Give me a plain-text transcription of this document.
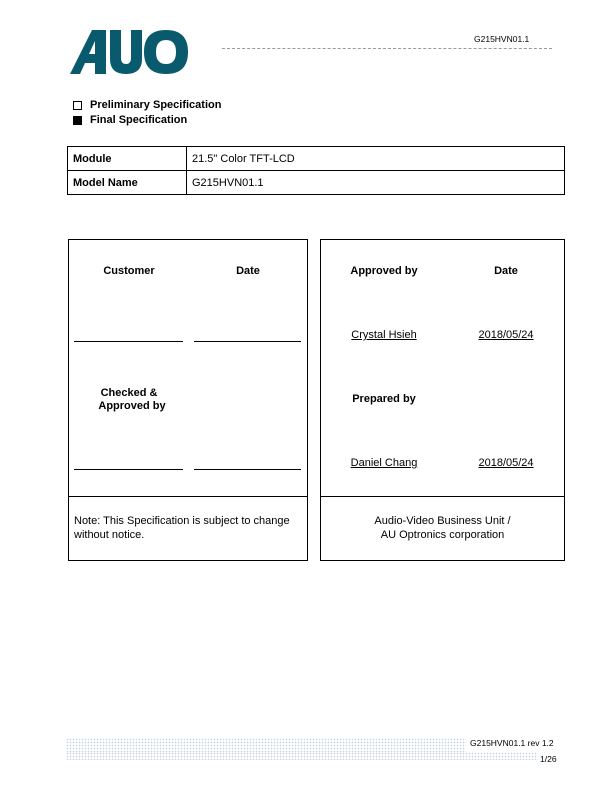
G215HVN01.1
Preliminary Specification
Final Specification
Module	21.5" Color TFT-LCD
Model Name	G215HVN01.1
Customer	Date
Checked &
Approved by
Note: This Specification is subject to change
without notice.
Approved by	Date
Crystal Hsieh	2018/05/24
Prepared by
Daniel Chang	2018/05/24
Audio-Video Business Unit /
AU Optronics corporation
G215HVN01.1 rev 1.2
1/26
